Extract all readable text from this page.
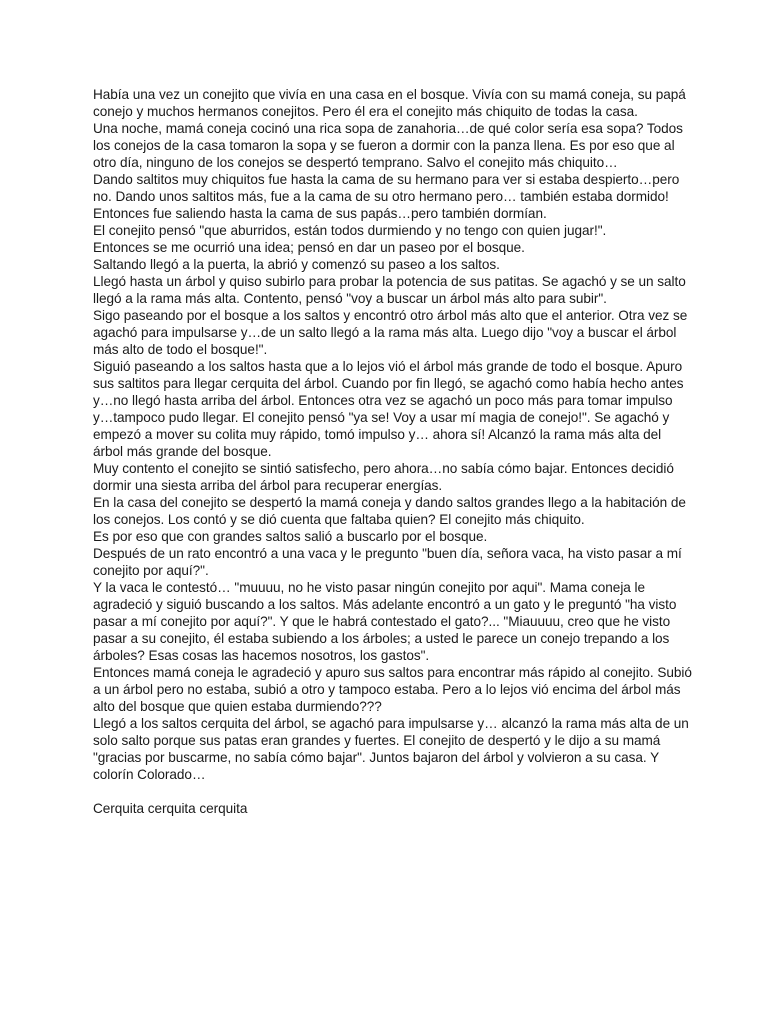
Había una vez un conejito que vivía en una casa en el bosque. Vivía con su mamá coneja, su papá conejo y muchos hermanos conejitos. Pero él era el conejito más chiquito de todas la casa.

Una noche, mamá coneja cocinó una rica sopa de zanahoria…de qué color sería esa sopa? Todos los conejos de la casa tomaron la sopa y se fueron a dormir con la panza llena. Es por eso que al otro día, ninguno de los conejos se despertó temprano. Salvo el conejito más chiquito…

Dando saltitos muy chiquitos fue hasta la cama de su hermano para ver si estaba despierto…pero no. Dando unos saltitos más, fue a la cama de su otro hermano pero… también estaba dormido!

Entonces fue saliendo hasta la cama de sus papás…pero también dormían.

El conejito pensó "que aburridos, están todos durmiendo y no tengo con quien jugar!".

Entonces se me ocurrió una idea; pensó en dar un paseo por el bosque.

Saltando llegó a la puerta, la abrió y comenzó su paseo a los saltos.

Llegó hasta un árbol y quiso subirlo para probar la potencia de sus patitas. Se agachó y se un salto llegó a la rama más alta. Contento, pensó "voy a buscar un árbol más alto para subir".

Sigo paseando por el bosque a los saltos y encontró otro árbol más alto que el anterior. Otra vez se agachó para impulsarse y…de un salto llegó a la rama más alta. Luego dijo "voy a buscar el árbol más alto de todo el bosque!".

Siguió paseando a los saltos hasta que a lo lejos vió el árbol más grande de todo el bosque. Apuro sus saltitos para llegar cerquita del árbol. Cuando por fin llegó, se agachó como había hecho antes y…no llegó hasta arriba del árbol. Entonces otra vez se agachó un poco más para tomar impulso y…tampoco pudo llegar. El conejito pensó "ya se! Voy a usar mí magia de conejo!". Se agachó y empezó a mover su colita muy rápido, tomó impulso y… ahora sí! Alcanzó la rama más alta del árbol más grande del bosque.

Muy contento el conejito se sintió satisfecho, pero ahora…no sabía cómo bajar. Entonces decidió dormir una siesta arriba del árbol para recuperar energías.

En la casa del conejito se despertó la mamá coneja y dando saltos grandes llego a la habitación de los conejos. Los contó y se dió cuenta que faltaba quien? El conejito más chiquito.

Es por eso que con grandes saltos salió a buscarlo por el bosque.

Después de un rato encontró a una vaca y le pregunto "buen día, señora vaca, ha visto pasar a mí conejito por aquí?".

Y la vaca le contestó… "muuuu, no he visto pasar ningún conejito por aqui". Mama coneja le agradeció y siguió buscando a los saltos. Más adelante encontró a un gato y le preguntó "ha visto pasar a mí conejito por aquí?". Y que le habrá contestado el gato?... "Miauuuu, creo que he visto pasar a su conejito, él estaba subiendo a los árboles; a usted le parece un conejo trepando a los árboles? Esas cosas las hacemos nosotros, los gastos".

Entonces mamá coneja le agradeció y apuro sus saltos para encontrar más rápido al conejito. Subió a un árbol pero no estaba, subió a otro y tampoco estaba. Pero a lo lejos vió encima del árbol más alto del bosque que quien estaba durmiendo???

Llegó a los saltos cerquita del árbol, se agachó para impulsarse y… alcanzó la rama más alta de un solo salto porque sus patas eran grandes y fuertes. El conejito de despertó y le dijo a su mamá "gracias por buscarme, no sabía cómo bajar". Juntos bajaron del árbol y volvieron a su casa. Y colorín Colorado…

Cerquita cerquita cerquita
